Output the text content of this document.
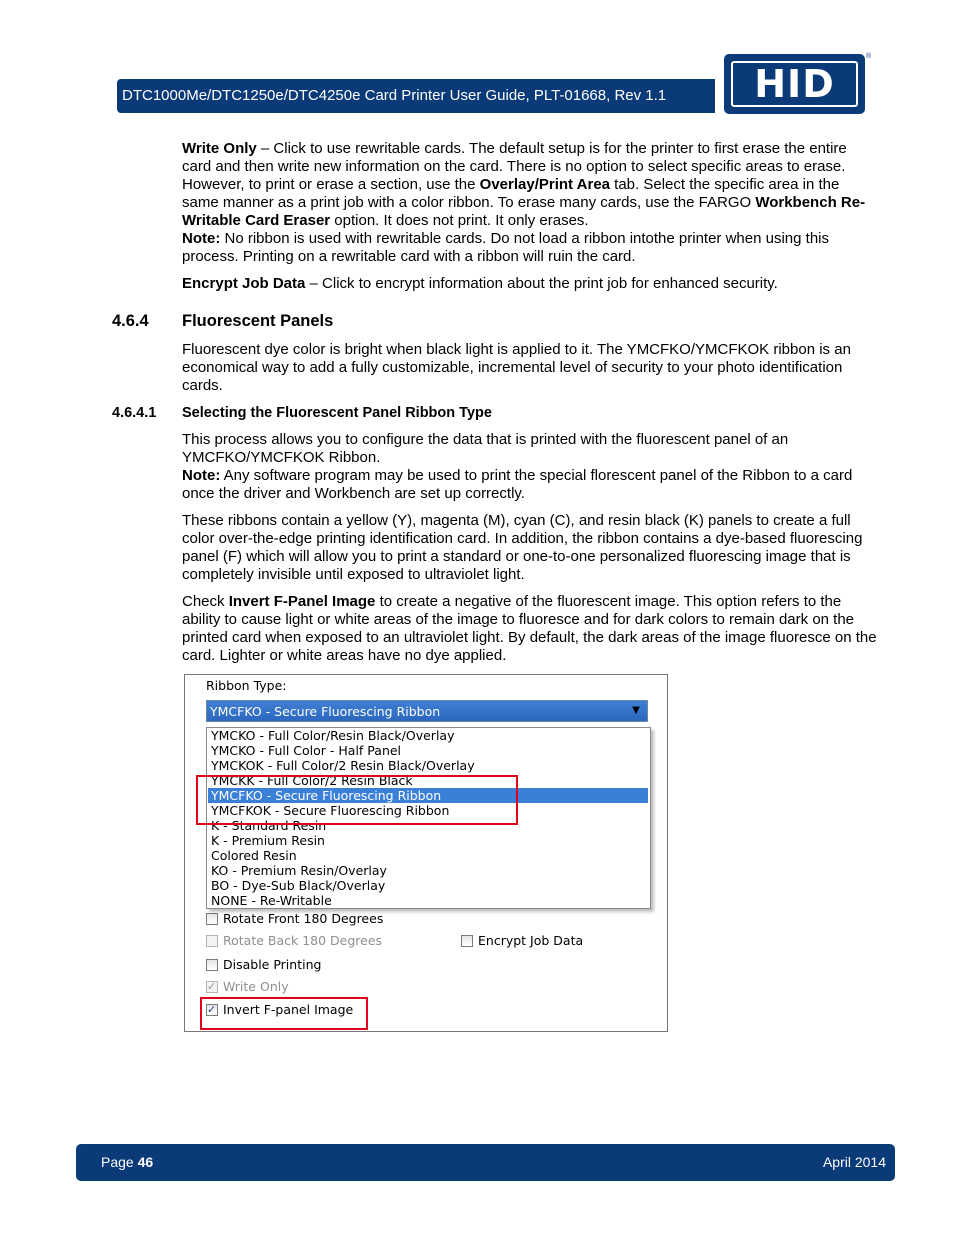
DTC1000Me/DTC1250e/DTC4250e Card Printer User Guide, PLT-01668, Rev 1.1	HID
®

Write Only – Click to use rewritable cards. The default setup is for the printer to first erase the entire card and then write new information on the card. There is no option to select specific areas to erase. However, to print or erase a section, use the Overlay/Print Area tab. Select the specific area in the same manner as a print job with a color ribbon. To erase many cards, use the FARGO Workbench Re-Writable Card Eraser option. It does not print. It only erases.
Note: No ribbon is used with rewritable cards. Do not load a ribbon intothe printer when using this process. Printing on a rewritable card with a ribbon will ruin the card.

Encrypt Job Data – Click to encrypt information about the print job for enhanced security.

4.6.4 Fluorescent Panels

Fluorescent dye color is bright when black light is applied to it. The YMCFKO/YMCFKOK ribbon is an economical way to add a fully customizable, incremental level of security to your photo identification cards.

4.6.4.1 Selecting the Fluorescent Panel Ribbon Type

This process allows you to configure the data that is printed with the fluorescent panel of an YMCFKO/YMCFKOK Ribbon.
Note: Any software program may be used to print the special florescent panel of the Ribbon to a card once the driver and Workbench are set up correctly.

These ribbons contain a yellow (Y), magenta (M), cyan (C), and resin black (K) panels to create a full color over-the-edge printing identification card. In addition, the ribbon contains a dye-based fluorescing panel (F) which will allow you to print a standard or one-to-one personalized fluorescing image that is completely invisible until exposed to ultraviolet light.

Check Invert F-Panel Image to create a negative of the fluorescent image. This option refers to the ability to cause light or white areas of the image to fluoresce and for dark colors to remain dark on the printed card when exposed to an ultraviolet light. By default, the dark areas of the image fluoresce on the card. Lighter or white areas have no dye applied.

Ribbon Type:
YMCFKO - Secure Fluorescing Ribbon	▼
Rotate Front 180 Degrees
Rotate Back 180 Degrees	Encrypt Job Data
Disable Printing
✓Write Only
✓Invert F-panel Image
YMCKO - Full Color/Resin Black/Overlay
YMCKO - Full Color - Half Panel
YMCKOK - Full Color/2 Resin Black/Overlay
YMCKK - Full Color/2 Resin Black
YMCFKO - Secure Fluorescing Ribbon
YMCFKOK - Secure Fluorescing Ribbon
K - Standard Resin
K - Premium Resin
Colored Resin
KO - Premium Resin/Overlay
BO - Dye-Sub Black/Overlay
NONE - Re-Writable
Page 46	April 2014
